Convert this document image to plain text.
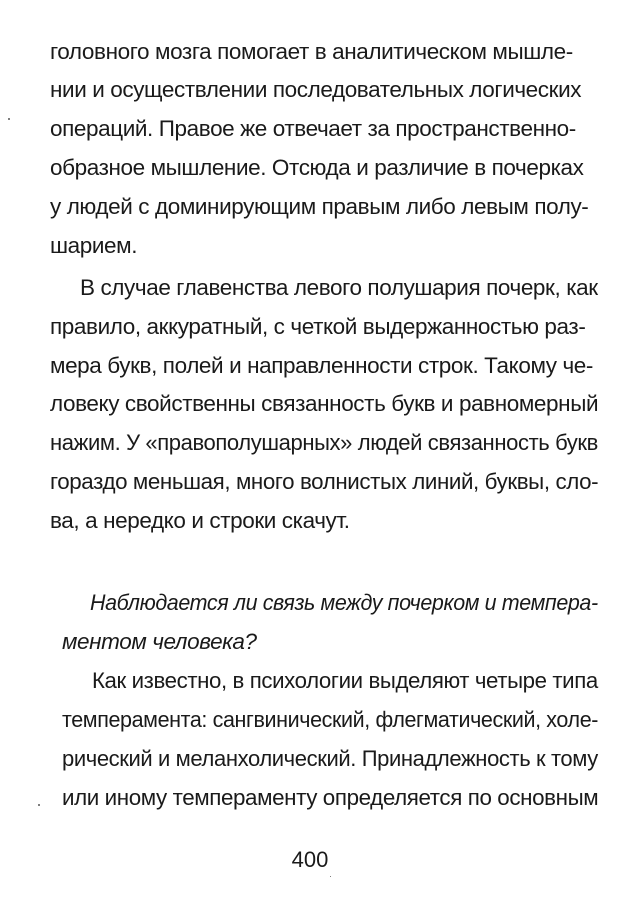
головного мозга помогает в аналитическом мышле-
нии и осуществлении последовательных логических
операций. Правое же отвечает за пространственно-
образное мышление. Отсюда и различие в почерках
у людей с доминирующим правым либо левым полу-
шарием.
В случае главенства левого полушария почерк, как
правило, аккуратный, с четкой выдержанностью раз-
мера букв, полей и направленности строк. Такому че-
ловеку свойственны связанность букв и равномерный
нажим. У «правополушарных» людей связанность букв
гораздо меньшая, много волнистых линий, буквы, сло-
ва, а нередко и строки скачут.
Наблюдается ли связь между почерком и темпера-
ментом человека?
Как известно, в психологии выделяют четыре типа
темперамента: сангвинический, флегматический, холе-
рический и меланхолический. Принадлежность к тому
или иному темпераменту определяется по основным
400
